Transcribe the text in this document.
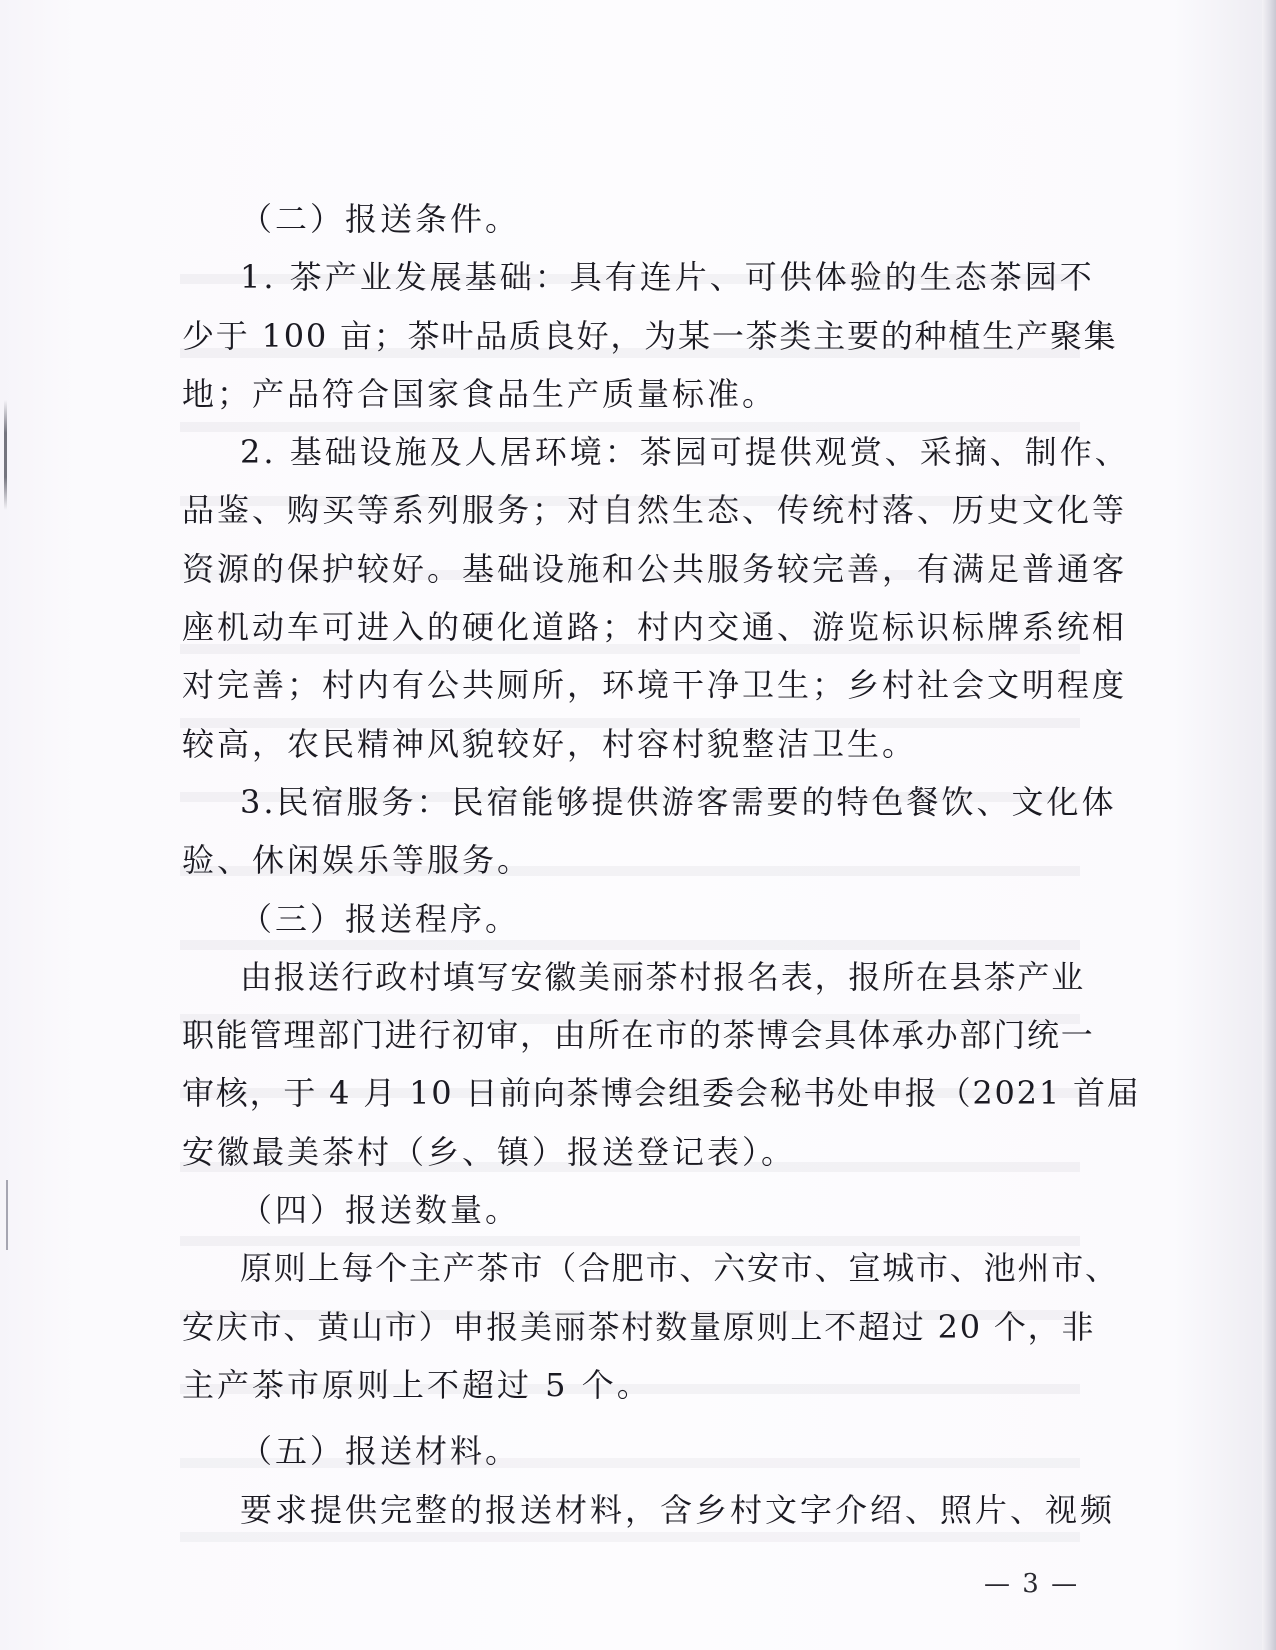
（二）报送条件。
1. 茶产业发展基础：具有连片、可供体验的生态茶园不
少于 100 亩；茶叶品质良好，为某一茶类主要的种植生产聚集
地；产品符合国家食品生产质量标准。
2. 基础设施及人居环境：茶园可提供观赏、采摘、制作、
品鉴、购买等系列服务；对自然生态、传统村落、历史文化等
资源的保护较好。基础设施和公共服务较完善，有满足普通客
座机动车可进入的硬化道路；村内交通、游览标识标牌系统相
对完善；村内有公共厕所，环境干净卫生；乡村社会文明程度
较高，农民精神风貌较好，村容村貌整洁卫生。
3.民宿服务：民宿能够提供游客需要的特色餐饮、文化体
验、休闲娱乐等服务。
（三）报送程序。
由报送行政村填写安徽美丽茶村报名表，报所在县茶产业
职能管理部门进行初审，由所在市的茶博会具体承办部门统一
审核，于 4 月 10 日前向茶博会组委会秘书处申报（2021 首届
安徽最美茶村（乡、镇）报送登记表）。
（四）报送数量。
原则上每个主产茶市（合肥市、六安市、宣城市、池州市、
安庆市、黄山市）申报美丽茶村数量原则上不超过 20 个，非
主产茶市原则上不超过 5 个。
（五）报送材料。
要求提供完整的报送材料，含乡村文字介绍、照片、视频
— 3 —
